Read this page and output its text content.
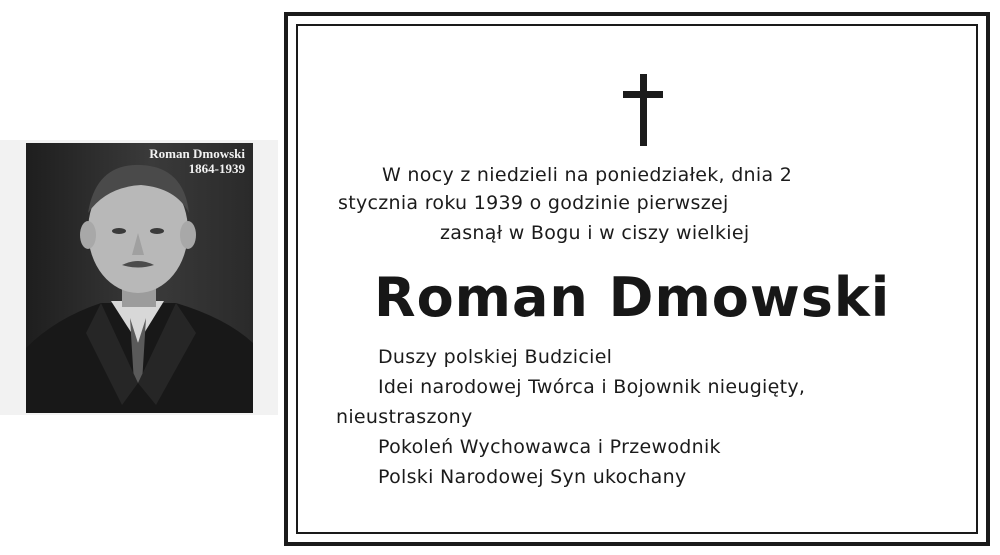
Roman Dmowski
1864-1939	W nocy z niedzieli na poniedziałek, dnia 2
stycznia roku 1939 o godzinie pierwszej
zasnął w Bogu i w ciszy wielkiej
Roman Dmowski
Duszy polskiej Budziciel
Idei narodowej Twórca i Bojownik nieugięty,
nieustraszony
Pokoleń Wychowawca i Przewodnik
Polski Narodowej Syn ukochany
